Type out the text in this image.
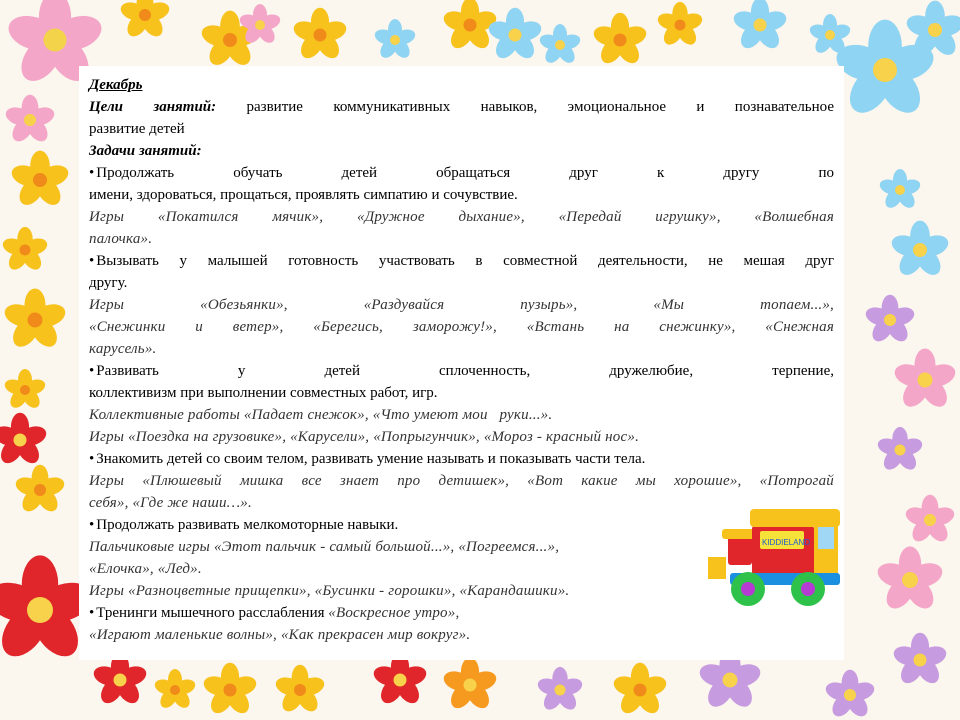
Декабрь

Цели занятий: развитие коммуникативных навыков, эмоциональное и познавательное

развитие детей

Задачи занятий:

• Продолжать обучать детей обращаться друг к другу по

имени, здороваться, прощаться, проявлять симпатию и сочувствие.

Игры «Покатился мячик», «Дружное дыхание», «Передай игрушку», «Волшебная

палочка».

• Вызывать у малышей готовность участвовать в совместной деятельности, не мешая друг

другу.

Игры «Обезьянки», «Раздувайся пузырь», «Мы топаем...»,

«Снежинки и ветер», «Берегись, заморожу!», «Встань на снежинку», «Снежная

карусель».

• Развивать у детей сплоченность, дружелюбие, терпение,

коллективизм при выполнении совместных работ, игр.

Коллективные работы «Падает снежок», «Что умеют мои   руки...».

Игры «Поездка на грузовике», «Карусели», «Попрыгунчик», «Мороз - красный нос».

• Знакомить детей со своим телом, развивать умение называть и показывать части тела.

Игры «Плюшевый мишка все знает про детишек», «Вот какие мы хорошие», «Потрогай

себя», «Где же наши…».

• Продолжать развивать мелкомоторные навыки.

Пальчиковые игры «Этот пальчик - самый большой...», «Погреемся...»,

«Елочка», «Лед».

Игры «Разноцветные прищепки», «Бусинки - горошки», «Карандашики».

• Тренинги мышечного расслабления «Воскресное утро»,

«Играют маленькие волны», «Как прекрасен мир вокруг».

KIDDIELAND
